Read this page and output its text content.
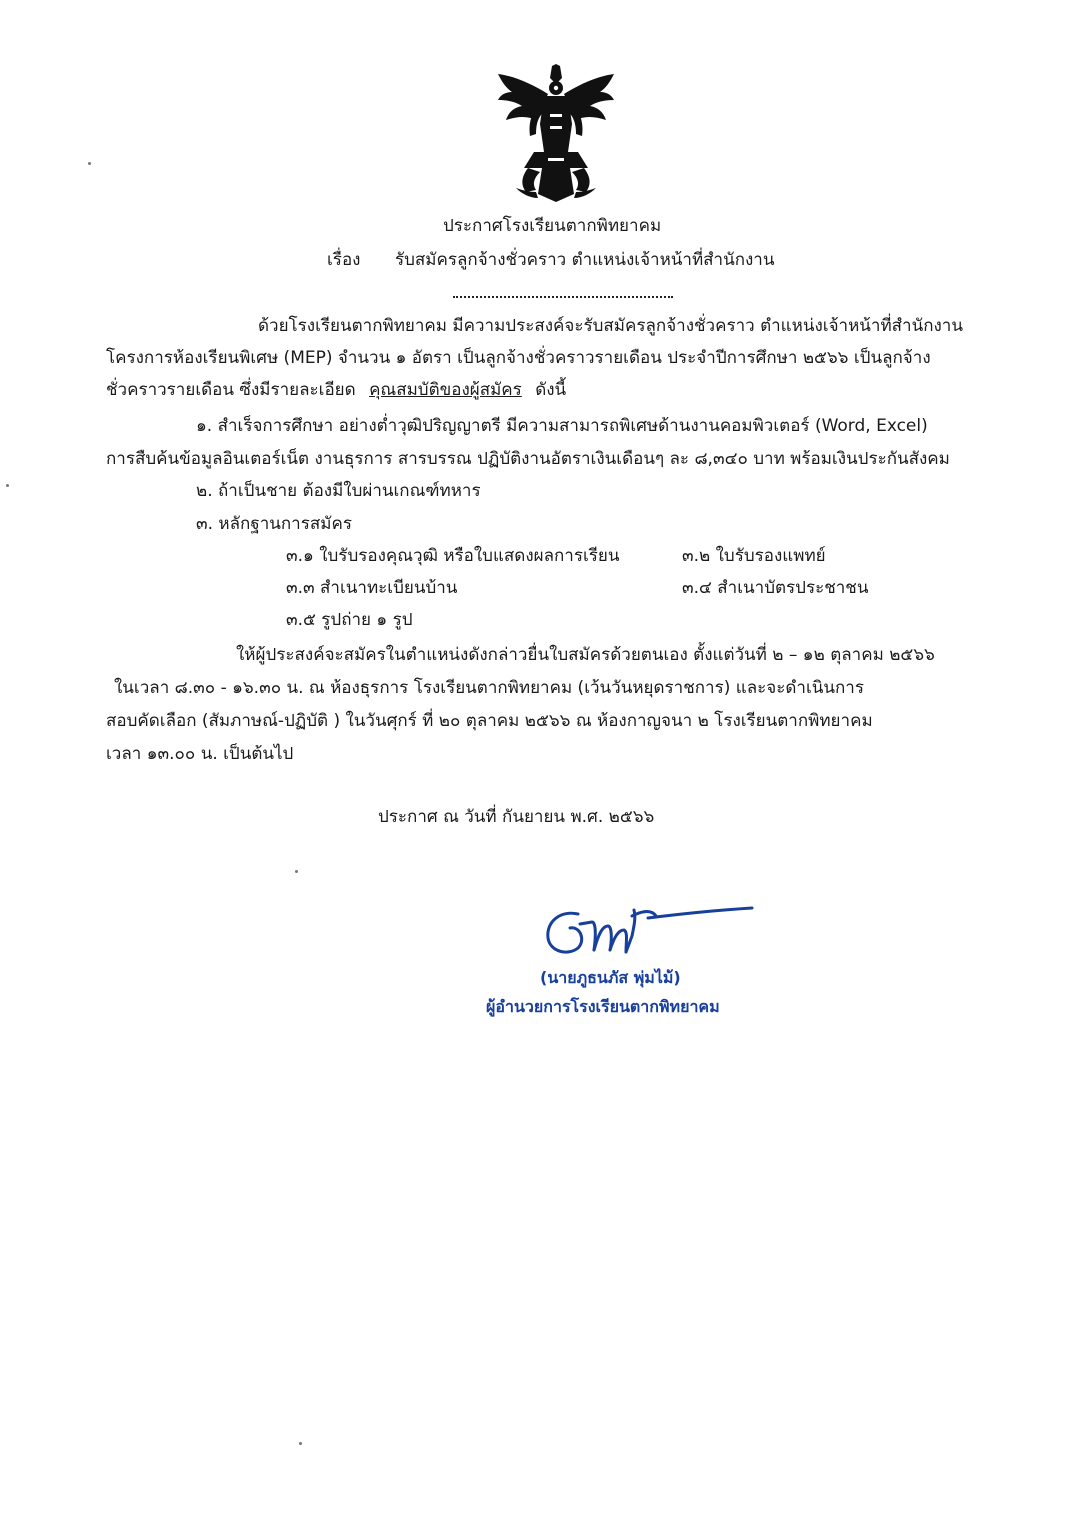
ประกาศโรงเรียนตากพิทยาคม
เรื่อง รับสมัครลูกจ้างชั่วคราว ตำแหน่งเจ้าหน้าที่สำนักงาน
ด้วยโรงเรียนตากพิทยาคม มีความประสงค์จะรับสมัครลูกจ้างชั่วคราว ตำแหน่งเจ้าหน้าที่สำนักงาน
โครงการห้องเรียนพิเศษ (MEP) จำนวน ๑ อัตรา เป็นลูกจ้างชั่วคราวรายเดือน ประจำปีการศึกษา ๒๕๖๖ เป็นลูกจ้าง
ชั่วคราวรายเดือน ซึ่งมีรายละเอียด คุณสมบัติของผู้สมัคร ดังนี้
๑. สำเร็จการศึกษา อย่างต่ำวุฒิปริญญาตรี มีความสามารถพิเศษด้านงานคอมพิวเตอร์ (Word, Excel)
การสืบค้นข้อมูลอินเตอร์เน็ต งานธุรการ สารบรรณ ปฏิบัติงานอัตราเงินเดือนๆ ละ ๘,๓๔๐ บาท พร้อมเงินประกันสังคม
๒. ถ้าเป็นชาย ต้องมีใบผ่านเกณฑ์ทหาร
๓. หลักฐานการสมัคร
๓.๑ ใบรับรองคุณวุฒิ หรือใบแสดงผลการเรียน	๓.๒ ใบรับรองแพทย์
๓.๓ สำเนาทะเบียนบ้าน	๓.๔ สำเนาบัตรประชาชน
๓.๕ รูปถ่าย ๑ รูป
ให้ผู้ประสงค์จะสมัครในตำแหน่งดังกล่าวยื่นใบสมัครด้วยตนเอง ตั้งแต่วันที่ ๒ – ๑๒ ตุลาคม ๒๕๖๖
ในเวลา ๘.๓๐ - ๑๖.๓๐ น. ณ ห้องธุรการ โรงเรียนตากพิทยาคม (เว้นวันหยุดราชการ) และจะดำเนินการ
สอบคัดเลือก (สัมภาษณ์-ปฏิบัติ ) ในวันศุกร์ ที่ ๒๐ ตุลาคม ๒๕๖๖ ณ ห้องกาญจนา ๒ โรงเรียนตากพิทยาคม
เวลา ๑๓.๐๐ น. เป็นต้นไป
ประกาศ ณ วันที่ กันยายน พ.ศ. ๒๕๖๖
(นายภูธนภัส พุ่มไม้)
ผู้อำนวยการโรงเรียนตากพิทยาคม
